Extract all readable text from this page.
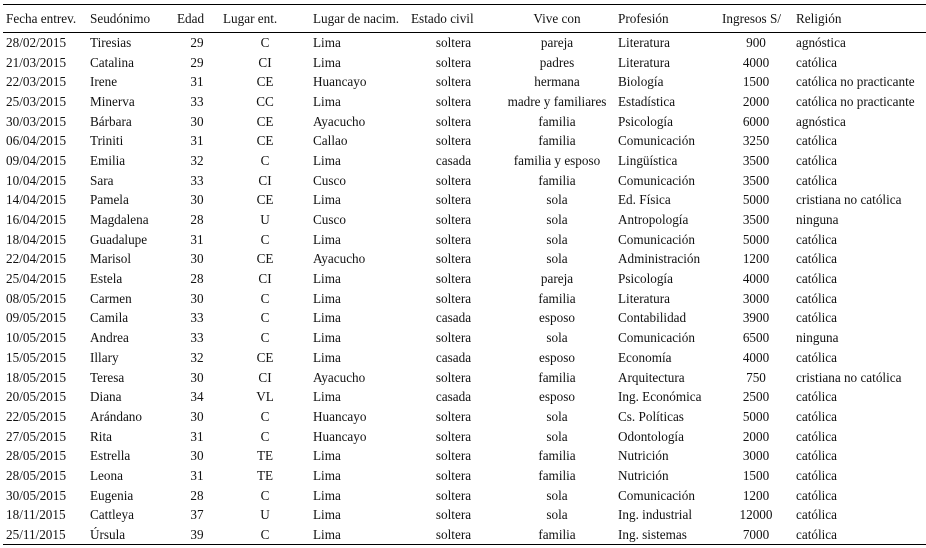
Fecha entrev.	Seudónimo	Edad	Lugar ent.	Lugar de nacim.	Estado civil	Vive con	Profesión	Ingresos S/	Religión
28/02/2015	Tiresias	29	C	Lima	soltera	pareja	Literatura	900	agnóstica
21/03/2015	Catalina	29	CI	Lima	soltera	padres	Literatura	4000	católica
22/03/2015	Irene	31	CE	Huancayo	soltera	hermana	Biología	1500	católica no practicante
25/03/2015	Minerva	33	CC	Lima	soltera	madre y familiares	Estadística	2000	católica no practicante
30/03/2015	Bárbara	30	CE	Ayacucho	soltera	familia	Psicología	6000	agnóstica
06/04/2015	Triniti	31	CE	Callao	soltera	familia	Comunicación	3250	católica
09/04/2015	Emilia	32	C	Lima	casada	familia y esposo	Lingüística	3500	católica
10/04/2015	Sara	33	CI	Cusco	soltera	familia	Comunicación	3500	católica
14/04/2015	Pamela	30	CE	Lima	soltera	sola	Ed. Física	5000	cristiana no católica
16/04/2015	Magdalena	28	U	Cusco	soltera	sola	Antropología	3500	ninguna
18/04/2015	Guadalupe	31	C	Lima	soltera	sola	Comunicación	5000	católica
22/04/2015	Marisol	30	CE	Ayacucho	soltera	sola	Administración	1200	católica
25/04/2015	Estela	28	CI	Lima	soltera	pareja	Psicología	4000	católica
08/05/2015	Carmen	30	C	Lima	soltera	familia	Literatura	3000	católica
09/05/2015	Camila	33	C	Lima	casada	esposo	Contabilidad	3900	católica
10/05/2015	Andrea	33	C	Lima	soltera	sola	Comunicación	6500	ninguna
15/05/2015	Illary	32	CE	Lima	casada	esposo	Economía	4000	católica
18/05/2015	Teresa	30	CI	Ayacucho	soltera	familia	Arquitectura	750	cristiana no católica
20/05/2015	Diana	34	VL	Lima	casada	esposo	Ing. Económica	2500	católica
22/05/2015	Arándano	30	C	Huancayo	soltera	sola	Cs. Políticas	5000	católica
27/05/2015	Rita	31	C	Huancayo	soltera	sola	Odontología	2000	católica
28/05/2015	Estrella	30	TE	Lima	soltera	familia	Nutrición	3000	católica
28/05/2015	Leona	31	TE	Lima	soltera	familia	Nutrición	1500	católica
30/05/2015	Eugenia	28	C	Lima	soltera	sola	Comunicación	1200	católica
18/11/2015	Cattleya	37	U	Lima	soltera	sola	Ing. industrial	12000	católica
25/11/2015	Úrsula	39	C	Lima	soltera	familia	Ing. sistemas	7000	católica
